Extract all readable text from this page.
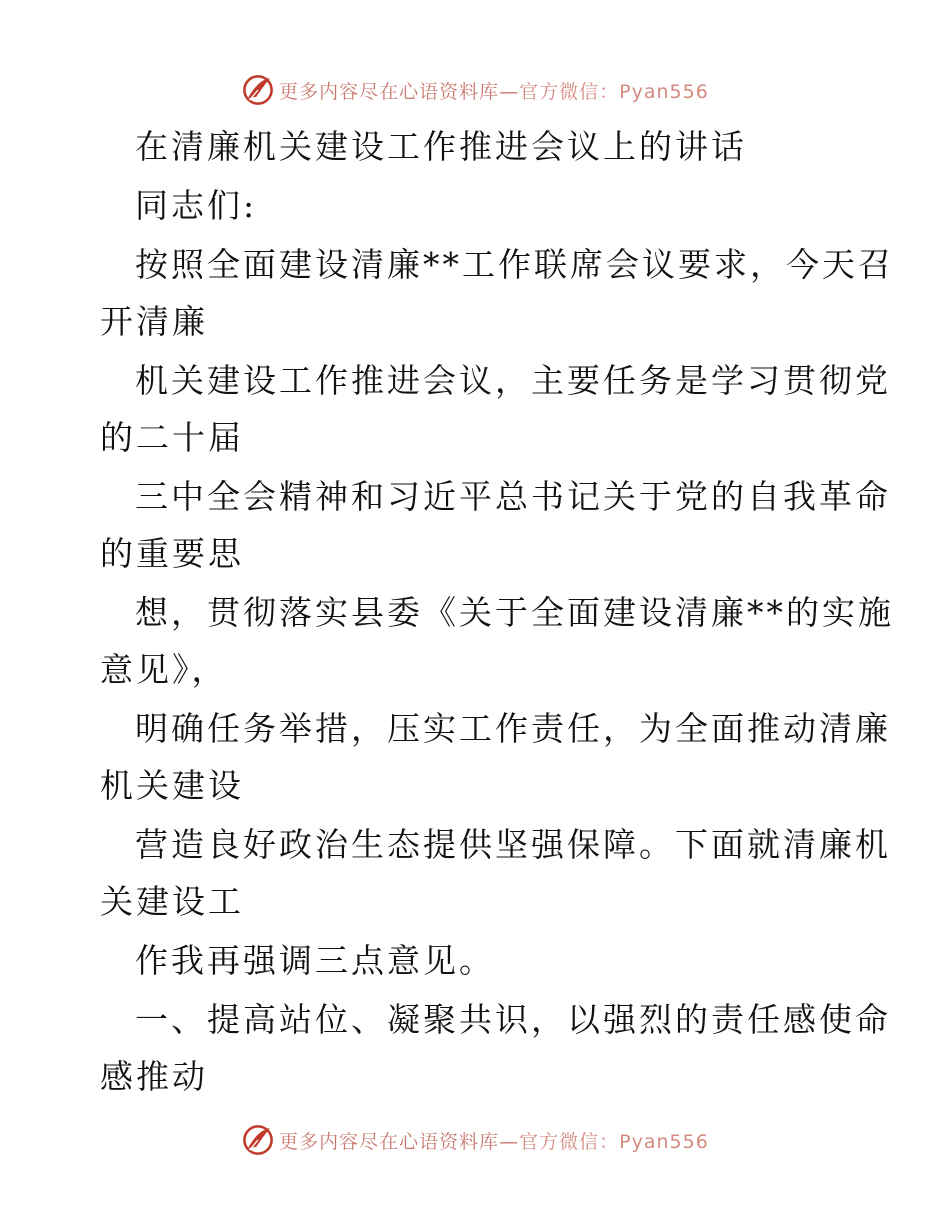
更多内容尽在心语资料库—官方微信：Pyan556
在清廉机关建设工作推进会议上的讲话
同志们:
按照全面建设清廉**工作联席会议要求，今天召
开清廉
机关建设工作推进会议，主要任务是学习贯彻党
的二十届
三中全会精神和习近平总书记关于党的自我革命
的重要思
想，贯彻落实县委《关于全面建设清廉**的实施
意见》，
明确任务举措，压实工作责任，为全面推动清廉
机关建设
营造良好政治生态提供坚强保障。下面就清廉机
关建设工
作我再强调三点意见。
一、提高站位、凝聚共识，以强烈的责任感使命
感推动
更多内容尽在心语资料库—官方微信：Pyan556
